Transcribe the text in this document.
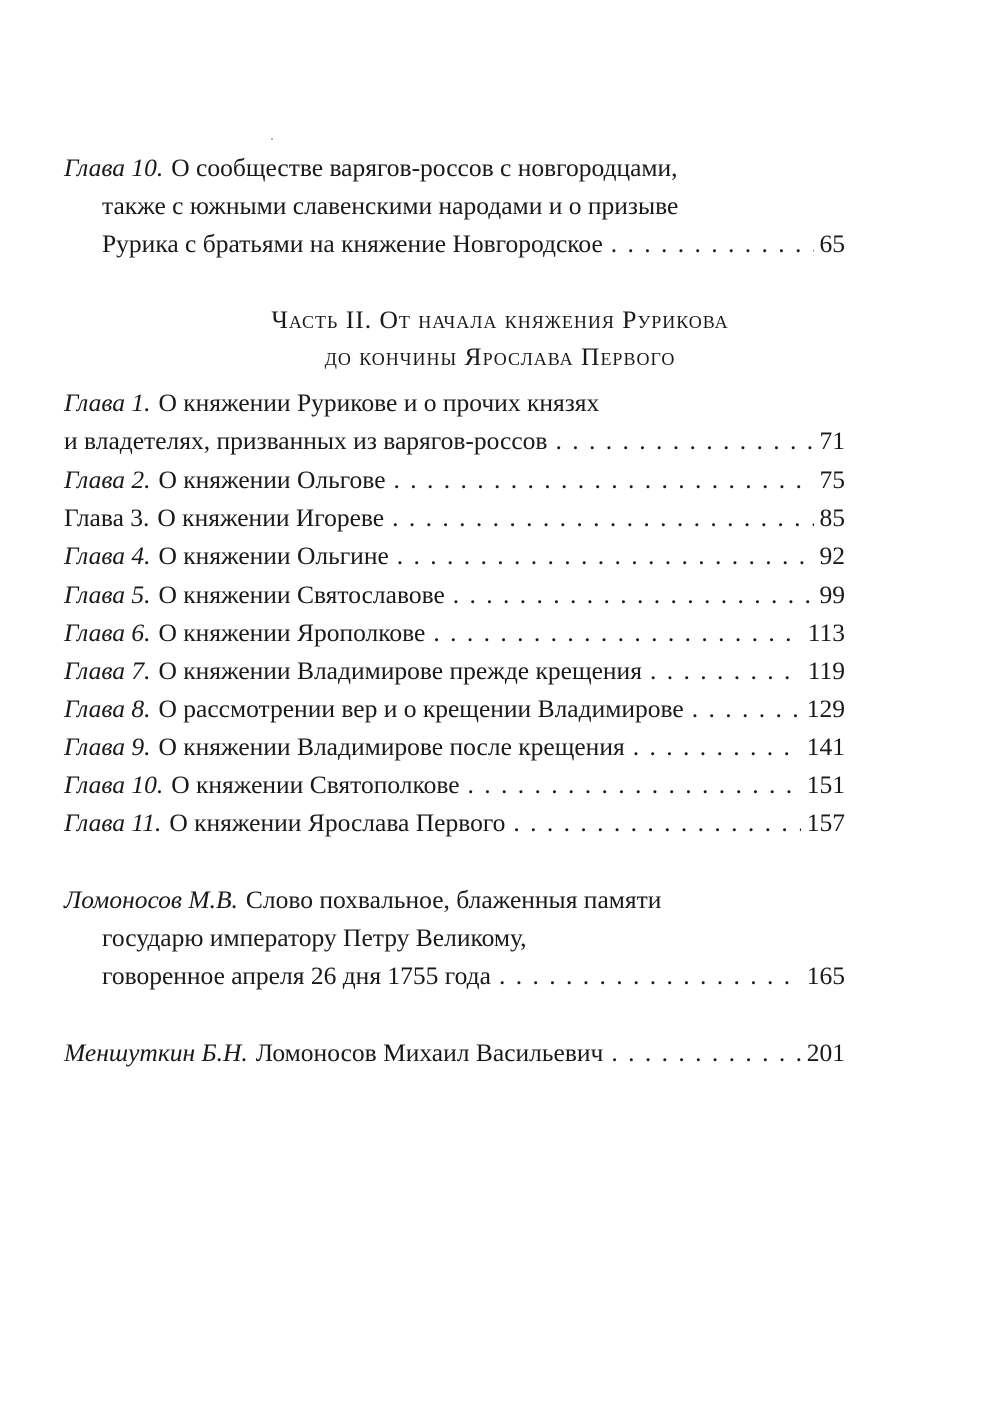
Глава 10. О сообществе варягов-россов с новгородцами,
также с южными славенскими народами и о призыве
Рурика с братьями на княжение Новгородское . . .	65
Часть II. От начала княжения Рурикова
до кончины Ярослава Первого
Глава 1. О княжении Рурикове и о прочих князях
и владетелях, призванных из варягов-россов . . .	71
Глава 2. О княжении Ольгове . . .	75
Глава 3. О княжении Игореве . . .	85
Глава 4. О княжении Ольгине . . .	92
Глава 5. О княжении Святославове . . .	99
Глава 6. О княжении Ярополкове . . .	113
Глава 7. О княжении Владимирове прежде крещения . . .	119
Глава 8. О рассмотрении вер и о крещении Владимирове . . .	129
Глава 9. О княжении Владимирове после крещения . . .	141
Глава 10. О княжении Святополкове . . .	151
Глава 11. О княжении Ярослава Первого . . .	157
Ломоносов М.В. Слово похвальное, блаженныя памяти
государю императору Петру Великому,
говоренное апреля 26 дня 1755 года . . .	165
Меншуткин Б.Н. Ломоносов Михаил Васильевич . . .	201
